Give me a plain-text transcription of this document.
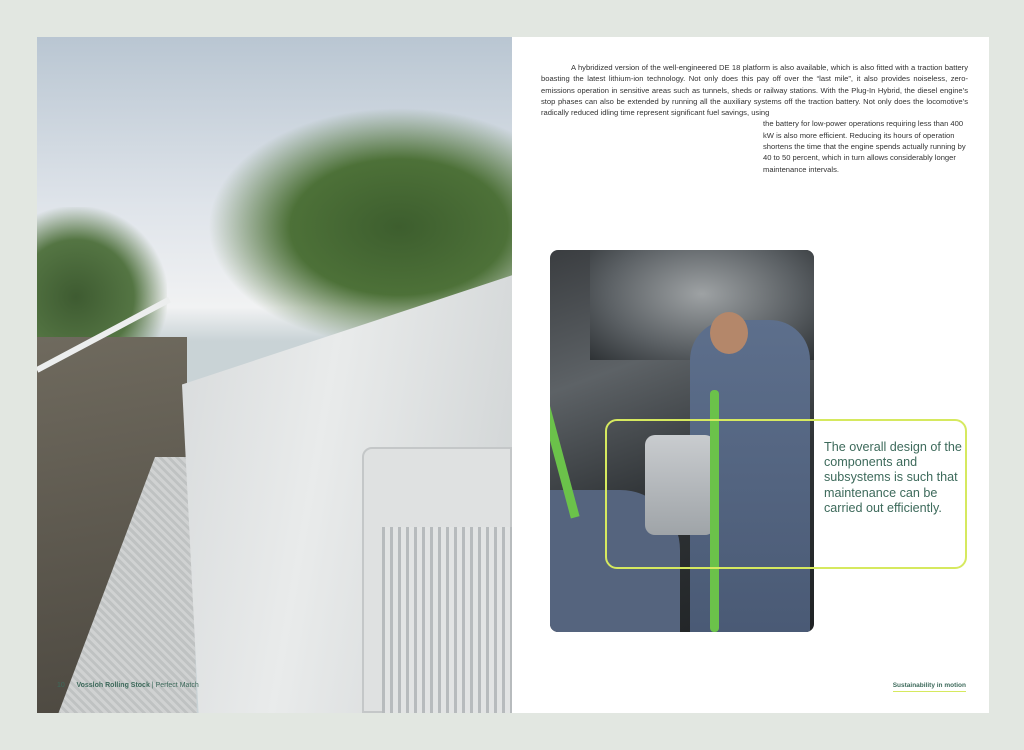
10 Vossloh Rolling Stock | Perfect Match

A hybridized version of the well-engineered DE 18 platform is also available, which is also fitted with a traction battery boasting the latest lithium-ion technology. Not only does this pay off over the “last mile”, it also provides noiseless, zero-emissions operation in sensitive areas such as tunnels, sheds or railway stations. With the Plug-In Hybrid, the diesel engine’s stop phases can also be extended by running all the auxiliary systems off the traction battery. Not only does the locomotive’s radically reduced idling time represent significant fuel savings, using

the battery for low-power operations requiring less than 400 kW is also more efficient. Reducing its hours of operation shortens the time that the engine spends actually running by 40 to 50 percent, which in turn allows considerably longer maintenance intervals.

The overall design of the components and subsystems is such that maintenance can be carried out efficiently.

Sustainability in motion
